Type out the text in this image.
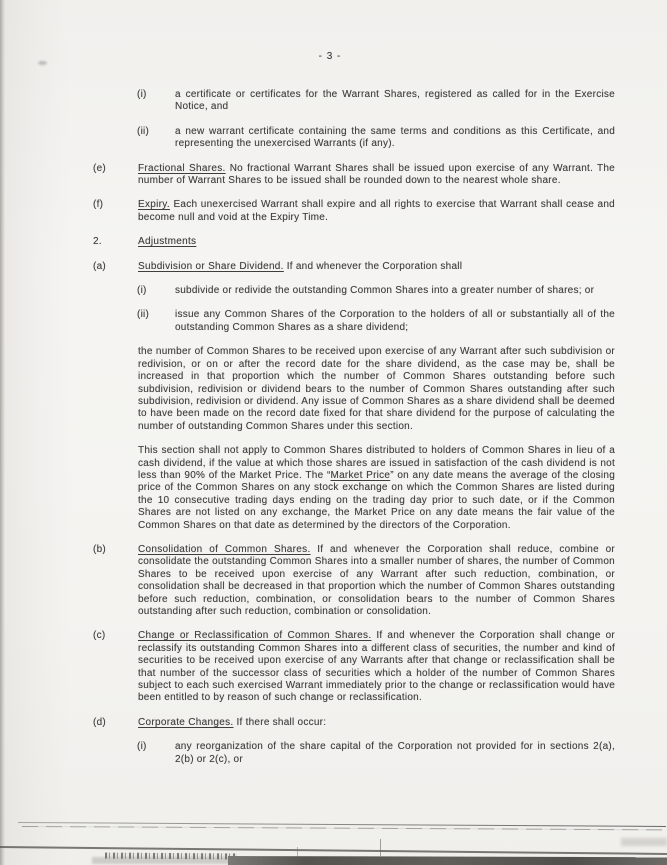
- 3 -
(i)	a certificate or certificates for the Warrant Shares, registered as called for in the Exercise Notice, and
(ii)	a new warrant certificate containing the same terms and conditions as this Certificate, and representing the unexercised Warrants (if any).
(e)	Fractional Shares. No fractional Warrant Shares shall be issued upon exercise of any Warrant. The number of Warrant Shares to be issued shall be rounded down to the nearest whole share.
(f)	Expiry. Each unexercised Warrant shall expire and all rights to exercise that Warrant shall cease and become null and void at the Expiry Time.
2.	Adjustments
(a)	Subdivision or Share Dividend. If and whenever the Corporation shall
(i)	subdivide or redivide the outstanding Common Shares into a greater number of shares; or
(ii)	issue any Common Shares of the Corporation to the holders of all or substantially all of the outstanding Common Shares as a share dividend;
the number of Common Shares to be received upon exercise of any Warrant after such subdivision or redivision, or on or after the record date for the share dividend, as the case may be, shall be increased in that proportion which the number of Common Shares outstanding before such subdivision, redivision or dividend bears to the number of Common Shares outstanding after such subdivision, redivision or dividend. Any issue of Common Shares as a share dividend shall be deemed to have been made on the record date fixed for that share dividend for the purpose of calculating the number of outstanding Common Shares under this section.
This section shall not apply to Common Shares distributed to holders of Common Shares in lieu of a cash dividend, if the value at which those shares are issued in satisfaction of the cash dividend is not less than 90% of the Market Price. The “Market Price” on any date means the average of the closing price of the Common Shares on any stock exchange on which the Common Shares are listed during the 10 consecutive trading days ending on the trading day prior to such date, or if the Common Shares are not listed on any exchange, the Market Price on any date means the fair value of the Common Shares on that date as determined by the directors of the Corporation.
(b)	Consolidation of Common Shares. If and whenever the Corporation shall reduce, combine or consolidate the outstanding Common Shares into a smaller number of shares, the number of Common Shares to be received upon exercise of any Warrant after such reduction, combination, or consolidation shall be decreased in that proportion which the number of Common Shares outstanding before such reduction, combination, or consolidation bears to the number of Common Shares outstanding after such reduction, combination or consolidation.
(c)	Change or Reclassification of Common Shares. If and whenever the Corporation shall change or reclassify its outstanding Common Shares into a different class of securities, the number and kind of securities to be received upon exercise of any Warrants after that change or reclassification shall be that number of the successor class of securities which a holder of the number of Common Shares subject to each such exercised Warrant immediately prior to the change or reclassification would have been entitled to by reason of such change or reclassification.
(d)	Corporate Changes. If there shall occur:
(i)	any reorganization of the share capital of the Corporation not provided for in sections 2(a), 2(b) or 2(c), or
